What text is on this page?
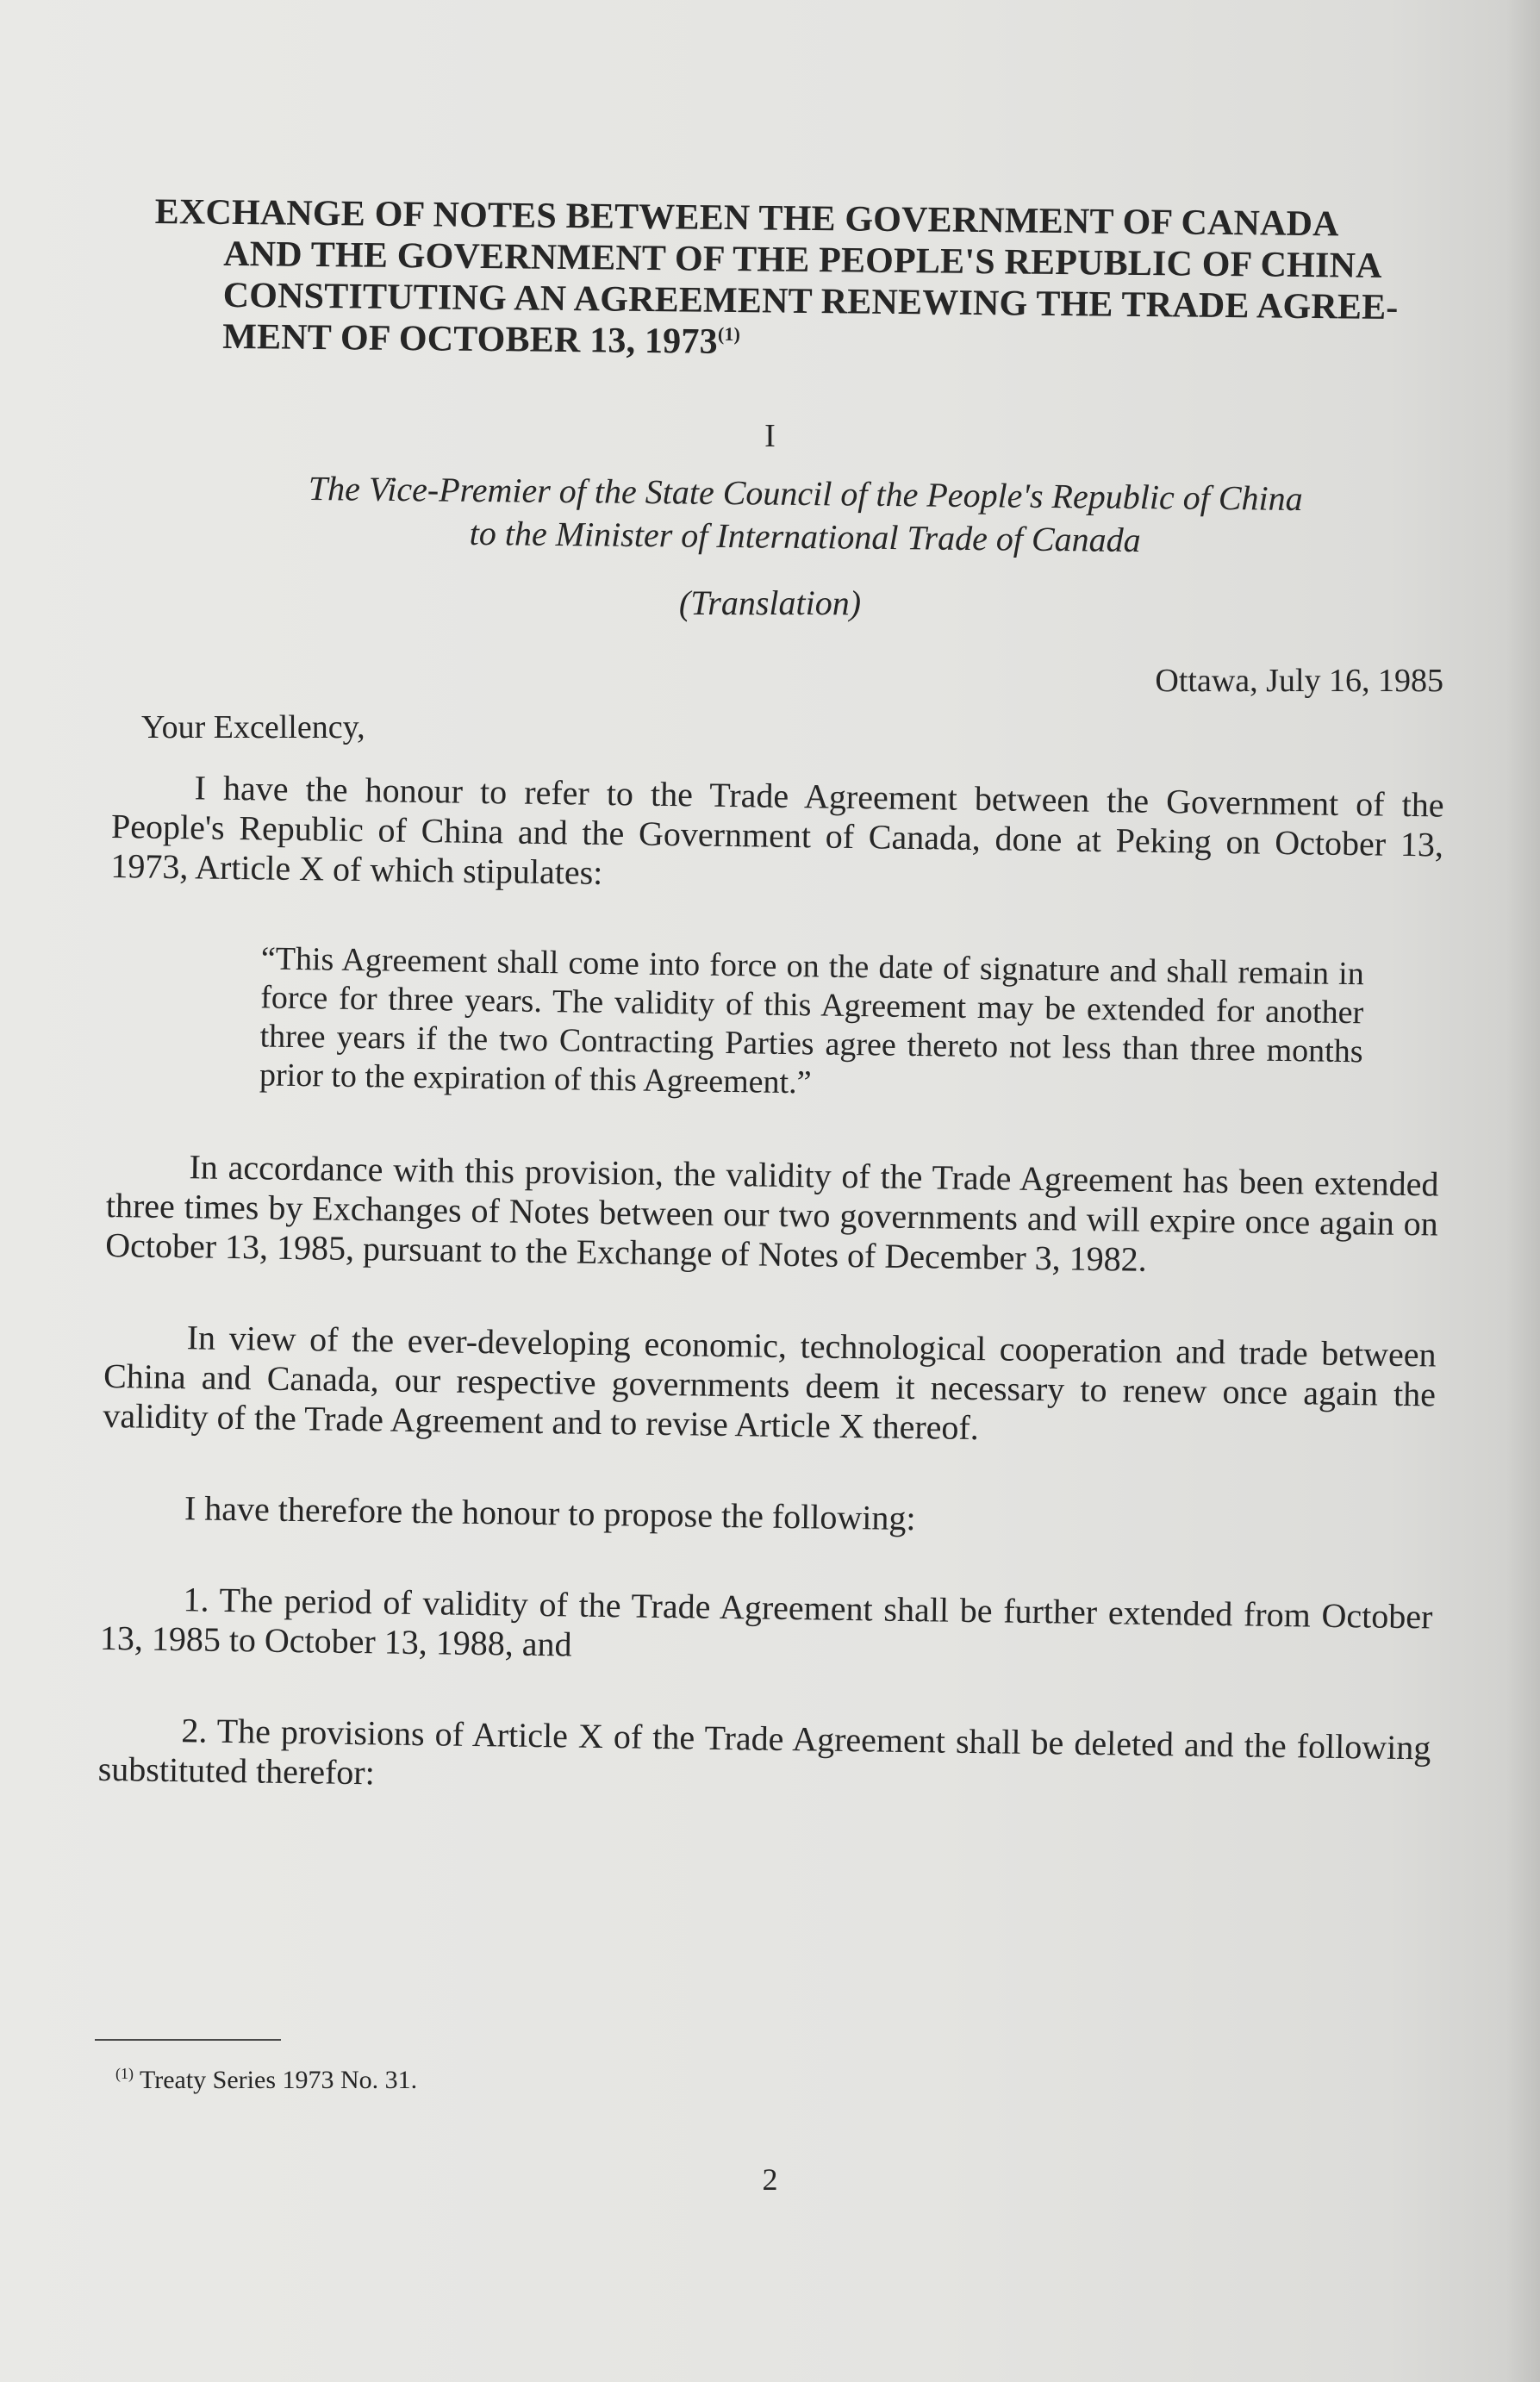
EXCHANGE OF NOTES BETWEEN THE GOVERNMENT OF CANADA
AND THE GOVERNMENT OF THE PEOPLE'S REPUBLIC OF CHINA
CONSTITUTING AN AGREEMENT RENEWING THE TRADE AGREE-
MENT OF OCTOBER 13, 1973$^{(1)}$
I
The Vice-Premier of the State Council of the People's Republic of China
to the Minister of International Trade of Canada
(Translation)
Ottawa, July 16, 1985
Your Excellency,

I have the honour to refer to the Trade Agreement between the Government of the People's Republic of China and the Government of Canada, done at Peking on October 13, 1973, Article X of which stipulates:

“This Agreement shall come into force on the date of signature and shall remain in force for three years. The validity of this Agreement may be extended for another three years if the two Contracting Parties agree thereto not less than three months prior to the expiration of this Agreement.”

In accordance with this provision, the validity of the Trade Agreement has been extended three times by Exchanges of Notes between our two governments and will expire once again on October 13, 1985, pursuant to the Exchange of Notes of December 3, 1982.

In view of the ever-developing economic, technological cooperation and trade between China and Canada, our respective governments deem it necessary to renew once again the validity of the Trade Agreement and to revise Article X thereof.

I have therefore the honour to propose the following:

1. The period of validity of the Trade Agreement shall be further extended from October 13, 1985 to October 13, 1988, and

2. The provisions of Article X of the Trade Agreement shall be deleted and the following substituted therefor:

$^{(1)}$ Treaty Series 1973 No. 31.
2
